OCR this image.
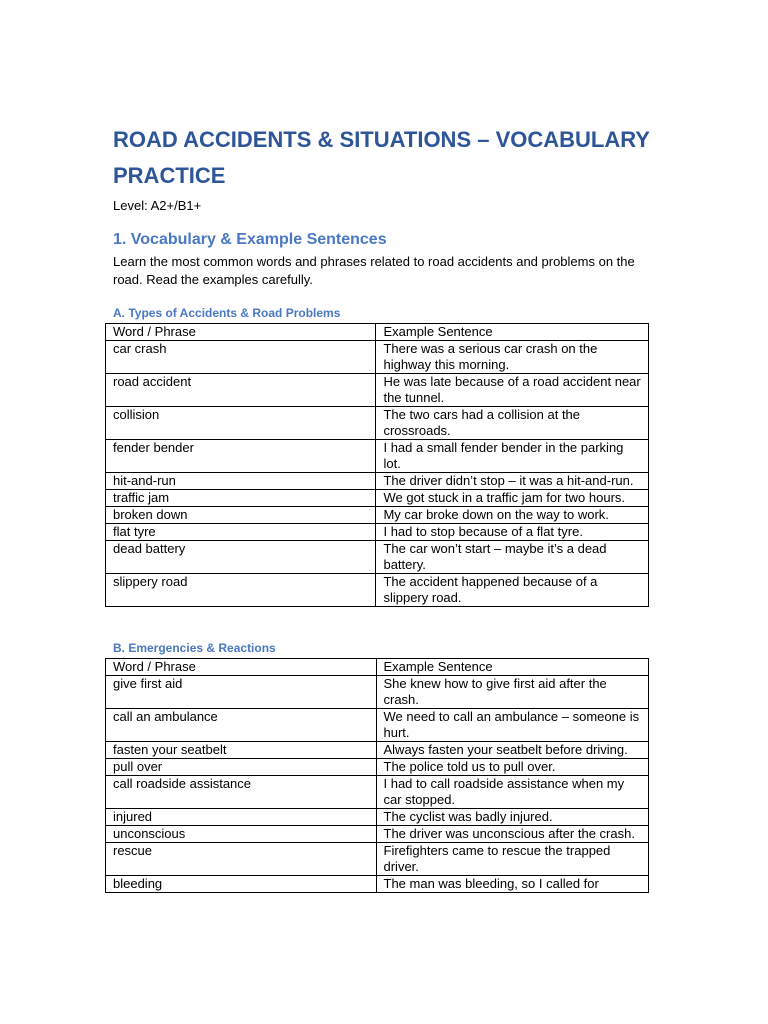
ROAD ACCIDENTS & SITUATIONS – VOCABULARY
PRACTICE
Level: A2+/B1+
1. Vocabulary & Example Sentences

Learn the most common words and phrases related to road accidents and problems on the road. Read the examples carefully.

A. Types of Accidents & Road Problems
Word / Phrase	Example Sentence
car crash	There was a serious car crash on the highway this morning.
road accident	He was late because of a road accident near the tunnel.
collision	The two cars had a collision at the crossroads.
fender bender	I had a small fender bender in the parking lot.
hit-and-run	The driver didn’t stop – it was a hit-and-run.
traffic jam	We got stuck in a traffic jam for two hours.
broken down	My car broke down on the way to work.
flat tyre	I had to stop because of a flat tyre.
dead battery	The car won’t start – maybe it’s a dead battery.
slippery road	The accident happened because of a slippery road.
B. Emergencies & Reactions
Word / Phrase	Example Sentence
give first aid	She knew how to give first aid after the crash.
call an ambulance	We need to call an ambulance – someone is hurt.
fasten your seatbelt	Always fasten your seatbelt before driving.
pull over	The police told us to pull over.
call roadside assistance	I had to call roadside assistance when my car stopped.
injured	The cyclist was badly injured.
unconscious	The driver was unconscious after the crash.
rescue	Firefighters came to rescue the trapped driver.
bleeding	The man was bleeding, so I called for
